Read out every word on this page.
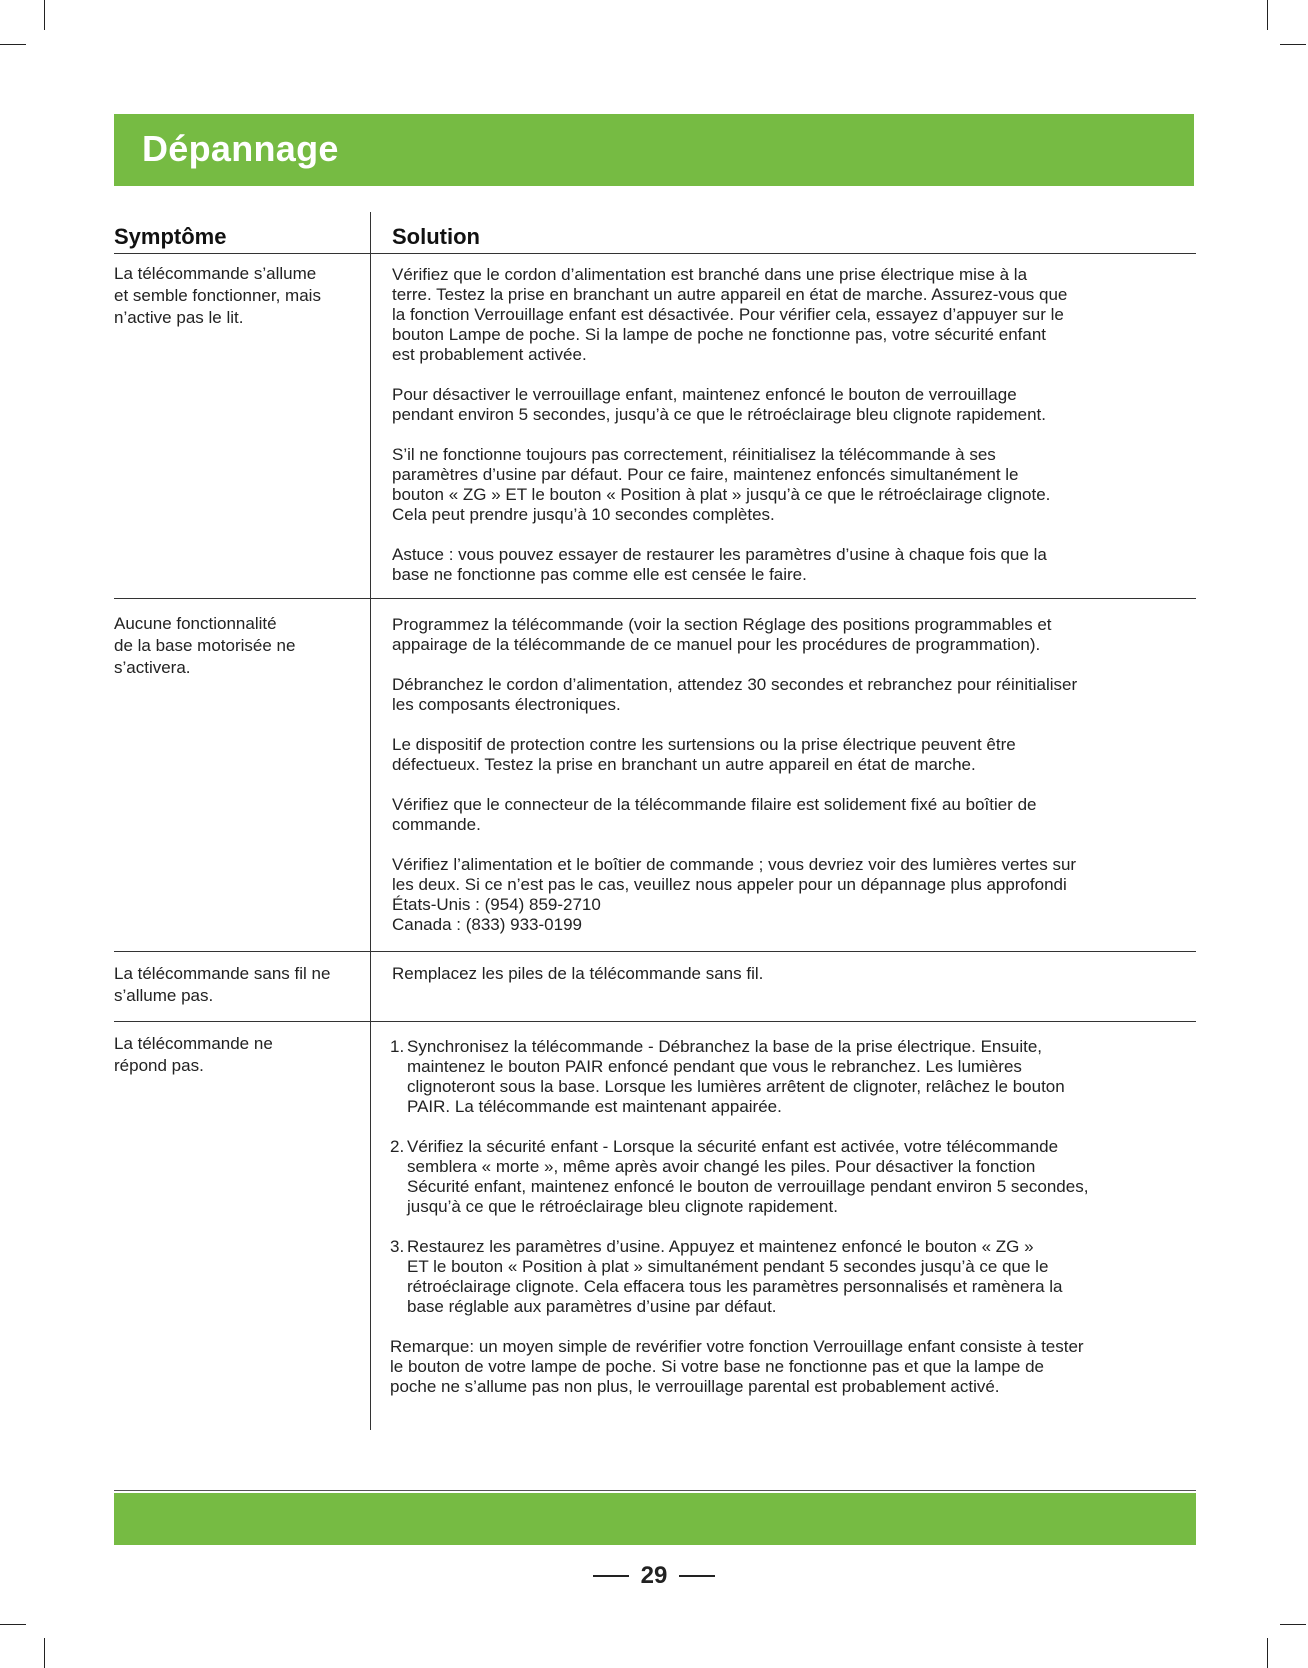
Dépannage
Symptôme	Solution
La télécommande s’allume
et semble fonctionner, mais
n’active pas le lit.

Vérifiez que le cordon d’alimentation est branché dans une prise électrique mise à la
terre. Testez la prise en branchant un autre appareil en état de marche. Assurez-vous que
la fonction Verrouillage enfant est désactivée. Pour vérifier cela, essayez d’appuyer sur le
bouton Lampe de poche. Si la lampe de poche ne fonctionne pas, votre sécurité enfant
est probablement activée.

Pour désactiver le verrouillage enfant, maintenez enfoncé le bouton de verrouillage
pendant environ 5 secondes, jusqu’à ce que le rétroéclairage bleu clignote rapidement.

S’il ne fonctionne toujours pas correctement, réinitialisez la télécommande à ses
paramètres d’usine par défaut. Pour ce faire, maintenez enfoncés simultanément le
bouton « ZG » ET le bouton « Position à plat » jusqu’à ce que le rétroéclairage clignote.
Cela peut prendre jusqu’à 10 secondes complètes.

Astuce : vous pouvez essayer de restaurer les paramètres d’usine à chaque fois que la
base ne fonctionne pas comme elle est censée le faire.

Aucune fonctionnalité
de la base motorisée ne
s’activera.

Programmez la télécommande (voir la section Réglage des positions programmables et
appairage de la télécommande de ce manuel pour les procédures de programmation).

Débranchez le cordon d’alimentation, attendez 30 secondes et rebranchez pour réinitialiser
les composants électroniques.

Le dispositif de protection contre les surtensions ou la prise électrique peuvent être
défectueux. Testez la prise en branchant un autre appareil en état de marche.

Vérifiez que le connecteur de la télécommande filaire est solidement fixé au boîtier de
commande.

Vérifiez l’alimentation et le boîtier de commande ; vous devriez voir des lumières vertes sur
les deux. Si ce n’est pas le cas, veuillez nous appeler pour un dépannage plus approfondi
États-Unis : (954) 859-2710
Canada : (833) 933-0199

La télécommande sans fil ne
s’allume pas.

Remplacez les piles de la télécommande sans fil.

La télécommande ne
répond pas.
1. Synchronisez la télécommande - Débranchez la base de la prise électrique. Ensuite,
maintenez le bouton PAIR enfoncé pendant que vous le rebranchez. Les lumières
clignoteront sous la base. Lorsque les lumières arrêtent de clignoter, relâchez le bouton
PAIR. La télécommande est maintenant appairée.
2. Vérifiez la sécurité enfant - Lorsque la sécurité enfant est activée, votre télécommande
semblera « morte », même après avoir changé les piles. Pour désactiver la fonction
Sécurité enfant, maintenez enfoncé le bouton de verrouillage pendant environ 5 secondes,
jusqu’à ce que le rétroéclairage bleu clignote rapidement.
3. Restaurez les paramètres d’usine. Appuyez et maintenez enfoncé le bouton « ZG »
ET le bouton « Position à plat » simultanément pendant 5 secondes jusqu’à ce que le
rétroéclairage clignote. Cela effacera tous les paramètres personnalisés et ramènera la
base réglable aux paramètres d’usine par défaut.

Remarque: un moyen simple de revérifier votre fonction Verrouillage enfant consiste à tester
le bouton de votre lampe de poche. Si votre base ne fonctionne pas et que la lampe de
poche ne s’allume pas non plus, le verrouillage parental est probablement activé.

29
